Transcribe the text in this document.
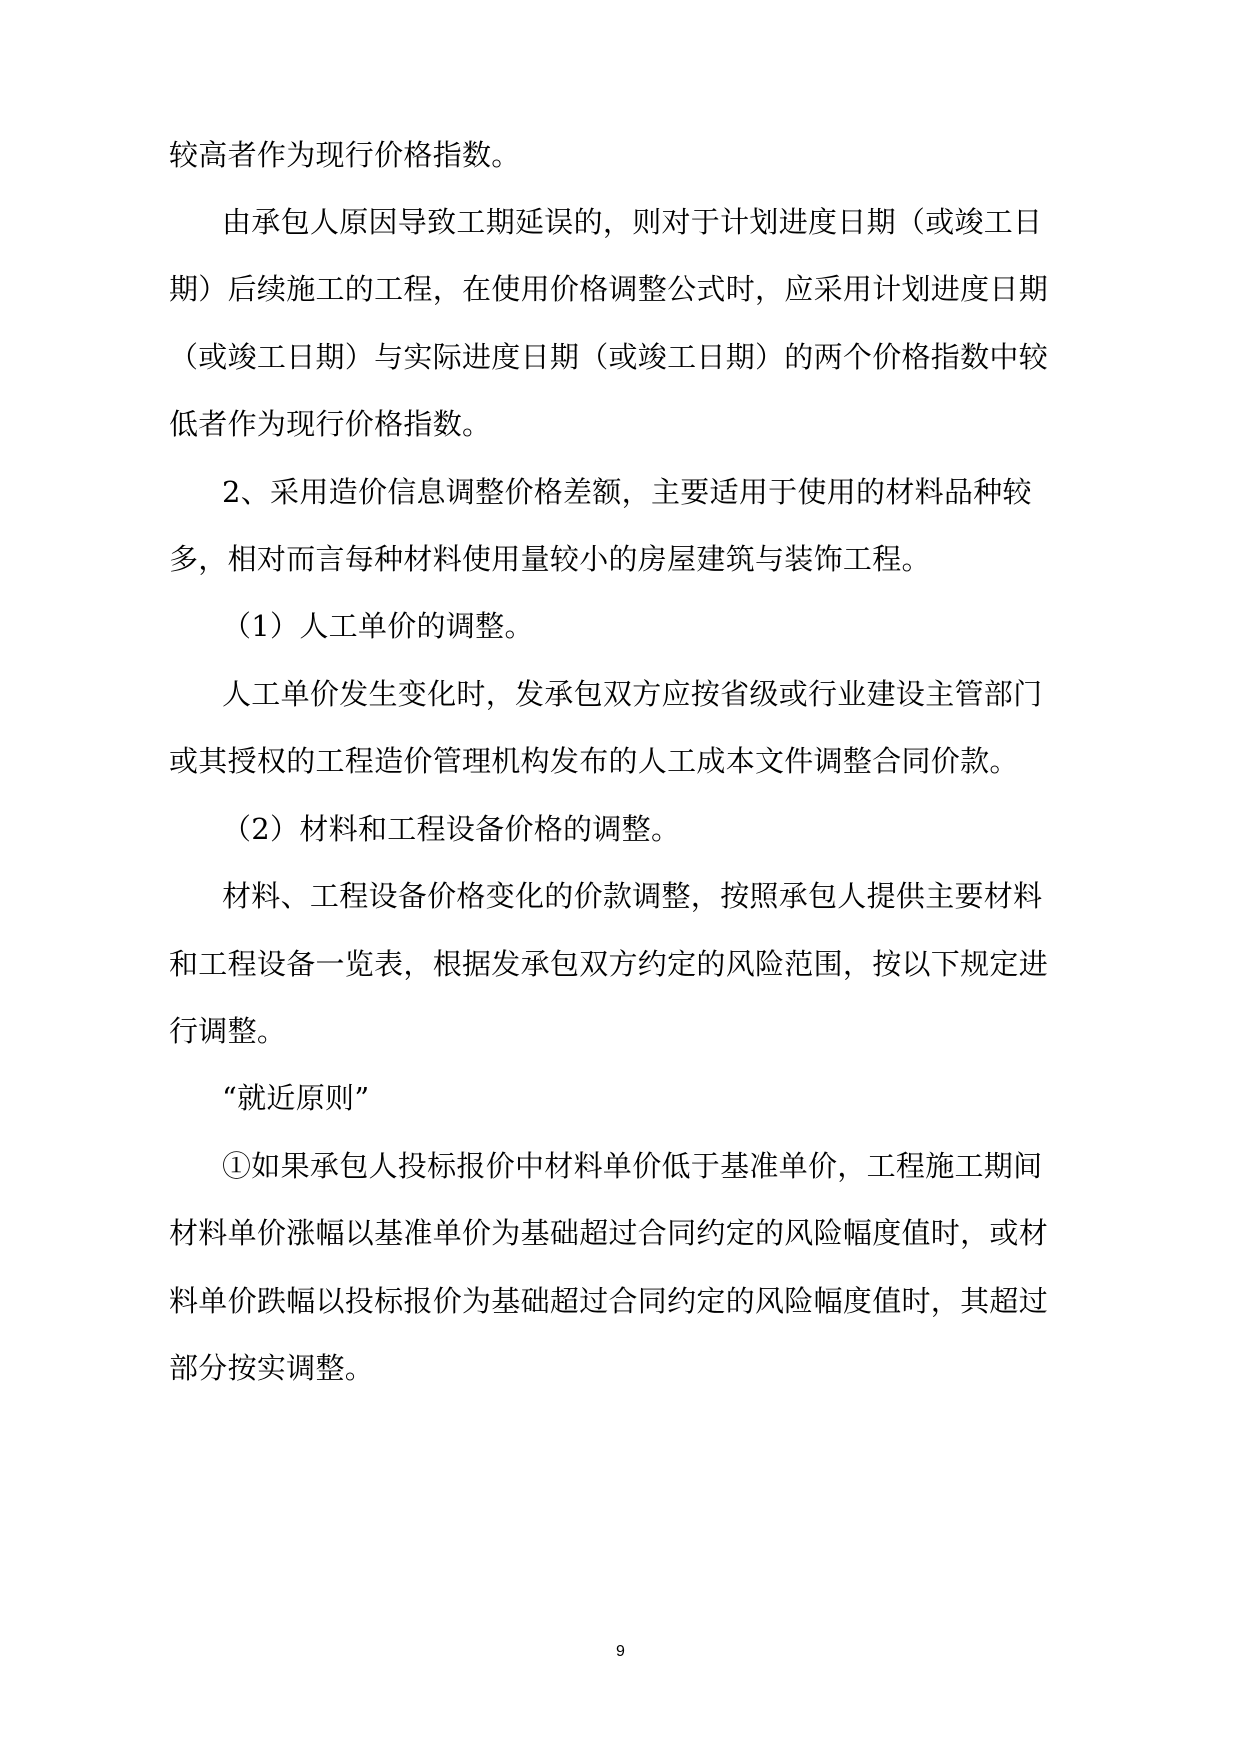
较高者作为现行价格指数。
由承包人原因导致工期延误的，则对于计划进度日期（或竣工日
期）后续施工的工程，在使用价格调整公式时，应采用计划进度日期
（或竣工日期）与实际进度日期（或竣工日期）的两个价格指数中较
低者作为现行价格指数。
2、采用造价信息调整价格差额，主要适用于使用的材料品种较
多，相对而言每种材料使用量较小的房屋建筑与装饰工程。
（1）人工单价的调整。
人工单价发生变化时，发承包双方应按省级或行业建设主管部门
或其授权的工程造价管理机构发布的人工成本文件调整合同价款。
（2）材料和工程设备价格的调整。
材料、工程设备价格变化的价款调整，按照承包人提供主要材料
和工程设备一览表，根据发承包双方约定的风险范围，按以下规定进
行调整。
“就近原则”
①如果承包人投标报价中材料单价低于基准单价，工程施工期间
材料单价涨幅以基准单价为基础超过合同约定的风险幅度值时，或材
料单价跌幅以投标报价为基础超过合同约定的风险幅度值时，其超过
部分按实调整。
9
